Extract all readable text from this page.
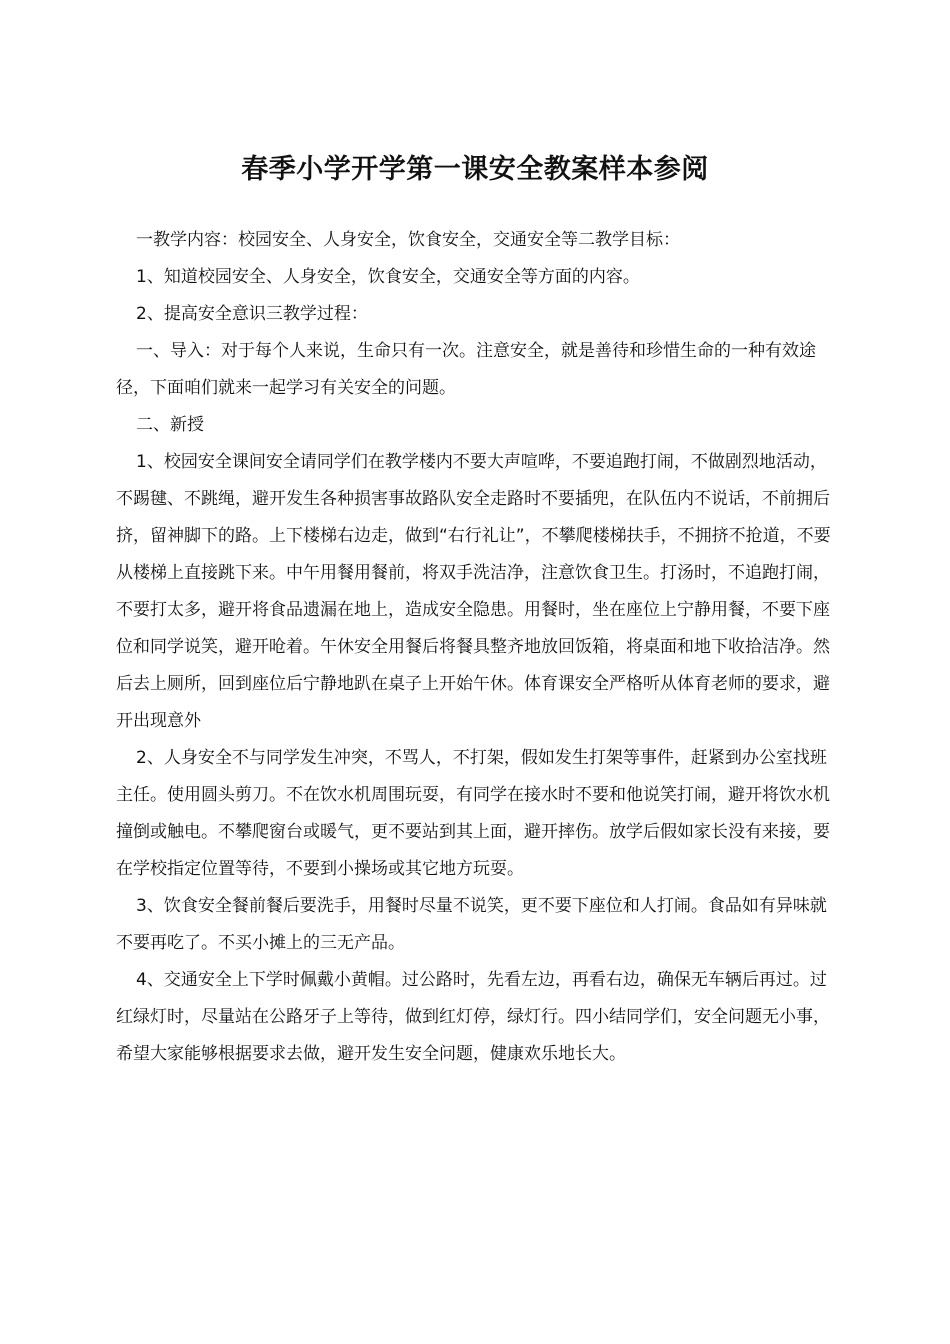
春季小学开学第一课安全教案样本参阅

一教学内容：校园安全、人身安全，饮食安全，交通安全等二教学目标：

1、知道校园安全、人身安全，饮食安全，交通安全等方面的内容。

2、提高安全意识三教学过程：

一、导入：对于每个人来说，生命只有一次。注意安全，就是善待和珍惜生命的一种有效途径，下面咱们就来一起学习有关安全的问题。

二、新授

1、校园安全课间安全请同学们在教学楼内不要大声喧哗，不要追跑打闹，不做剧烈地活动，不踢毽、不跳绳，避开发生各种损害事故路队安全走路时不要插兜，在队伍内不说话，不前拥后挤，留神脚下的路。上下楼梯右边走，做到“右行礼让”，不攀爬楼梯扶手，不拥挤不抢道，不要从楼梯上直接跳下来。中午用餐用餐前，将双手洗洁净，注意饮食卫生。打汤时，不追跑打闹，不要打太多，避开将食品遗漏在地上，造成安全隐患。用餐时，坐在座位上宁静用餐，不要下座位和同学说笑，避开呛着。午休安全用餐后将餐具整齐地放回饭箱，将桌面和地下收拾洁净。然后去上厕所，回到座位后宁静地趴在桌子上开始午休。体育课安全严格听从体育老师的要求，避开出现意外

2、人身安全不与同学发生冲突，不骂人，不打架，假如发生打架等事件，赶紧到办公室找班主任。使用圆头剪刀。不在饮水机周围玩耍，有同学在接水时不要和他说笑打闹，避开将饮水机撞倒或触电。不攀爬窗台或暖气，更不要站到其上面，避开摔伤。放学后假如家长没有来接，要在学校指定位置等待，不要到小操场或其它地方玩耍。

3、饮食安全餐前餐后要洗手，用餐时尽量不说笑，更不要下座位和人打闹。食品如有异味就不要再吃了。不买小摊上的三无产品。

4、交通安全上下学时佩戴小黄帽。过公路时，先看左边，再看右边，确保无车辆后再过。过红绿灯时，尽量站在公路牙子上等待，做到红灯停，绿灯行。四小结同学们，安全问题无小事，希望大家能够根据要求去做，避开发生安全问题，健康欢乐地长大。
